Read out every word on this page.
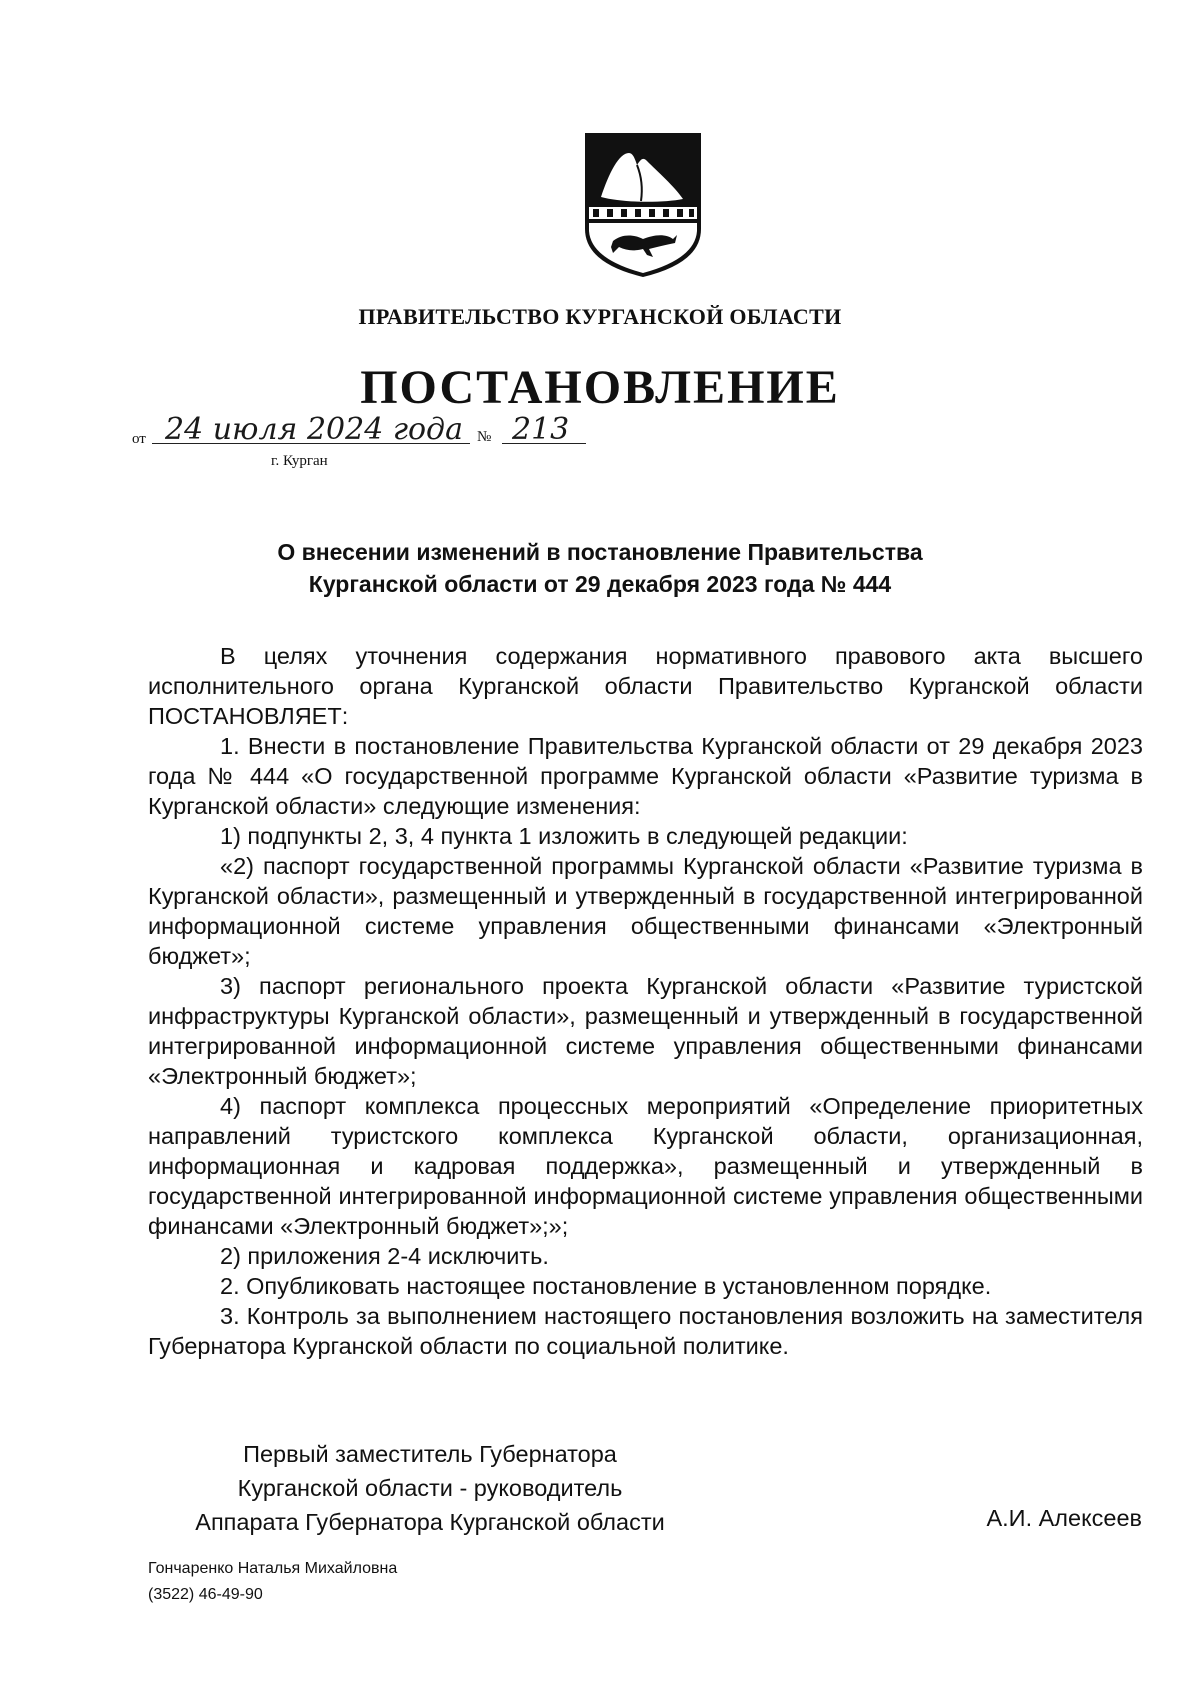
ПРАВИТЕЛЬСТВО КУРГАНСКОЙ ОБЛАСТИ
ПОСТАНОВЛЕНИЕ
от 24 июля 2024 года № 213
г. Курган
О внесении изменений в постановление Правительства
Курганской области от 29 декабря 2023 года № 444

В целях уточнения содержания нормативного правового акта высшего исполнительного органа Курганской области Правительство Курганской области ПОСТАНОВЛЯЕТ:

1. Внести в постановление Правительства Курганской области от 29 декабря 2023 года № 444 «О государственной программе Курганской области «Развитие туризма в Курганской области» следующие изменения:

1) подпункты 2, 3, 4 пункта 1 изложить в следующей редакции:

«2) паспорт государственной программы Курганской области «Развитие туризма в Курганской области», размещенный и утвержденный в государственной интегрированной информационной системе управления общественными финансами «Электронный бюджет»;

3) паспорт регионального проекта Курганской области «Развитие туристской инфраструктуры Курганской области», размещенный и утвержденный в государственной интегрированной информационной системе управления общественными финансами «Электронный бюджет»;

4) паспорт комплекса процессных мероприятий «Определение приоритетных направлений туристского комплекса Курганской области, организационная, информационная и кадровая поддержка», размещенный и утвержденный в государственной интегрированной информационной системе управления общественными финансами «Электронный бюджет»;»;

2) приложения 2-4 исключить.

2. Опубликовать настоящее постановление в установленном порядке.

3. Контроль за выполнением настоящего постановления возложить на заместителя Губернатора Курганской области по социальной политике.

Первый заместитель Губернатора
Курганской области - руководитель
Аппарата Губернатора Курганской области	А.И. Алексеев
Гончаренко Наталья Михайловна
(3522) 46-49-90
